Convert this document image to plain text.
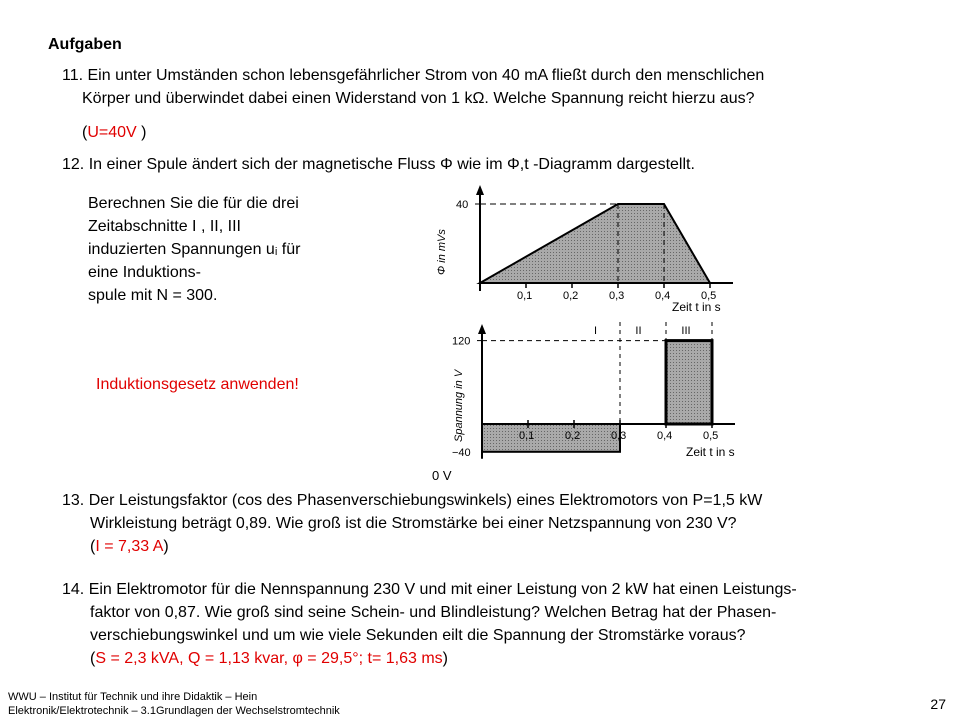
Aufgaben
11. Ein unter Umständen schon lebensgefährlicher Strom von 40 mA fließt durch den menschlichen
Körper und überwindet dabei einen Widerstand von 1 kΩ. Welche Spannung reicht hierzu aus?
(U=40V )
12. In einer Spule ändert sich der magnetische Fluss Φ wie im Φ,t -Diagramm dargestellt.
Berechnen Sie die für die drei
Zeitabschnitte I , II, III
induzierten Spannungen uᵢ für
eine Induktions-
spule mit N = 300.
Induktionsgesetz anwenden!
0,1	0,2	0,3	0,4	0,5
40
Φ in mVs
Zeit t in s
0,1	0,2	0,3	0,4	0,5
120
−40
I	II	III
Spannung in V
Zeit t in s
0 V
13. Der Leistungsfaktor (cos des Phasenverschiebungswinkels) eines Elektromotors von P=1,5 kW
Wirkleistung beträgt 0,89. Wie groß ist die Stromstärke bei einer Netzspannung von 230 V?
(I = 7,33 A)
14. Ein Elektromotor für die Nennspannung 230 V und mit einer Leistung von 2 kW hat einen Leistungs-
faktor von 0,87. Wie groß sind seine Schein- und Blindleistung? Welchen Betrag hat der Phasen-
verschiebungswinkel und um wie viele Sekunden eilt die Spannung der Stromstärke voraus?
(S = 2,3 kVA, Q = 1,13 kvar, φ = 29,5°; t= 1,63 ms)
WWU – Institut für Technik und ihre Didaktik – Hein
Elektronik/Elektrotechnik – 3.1Grundlagen der Wechselstromtechnik	27
